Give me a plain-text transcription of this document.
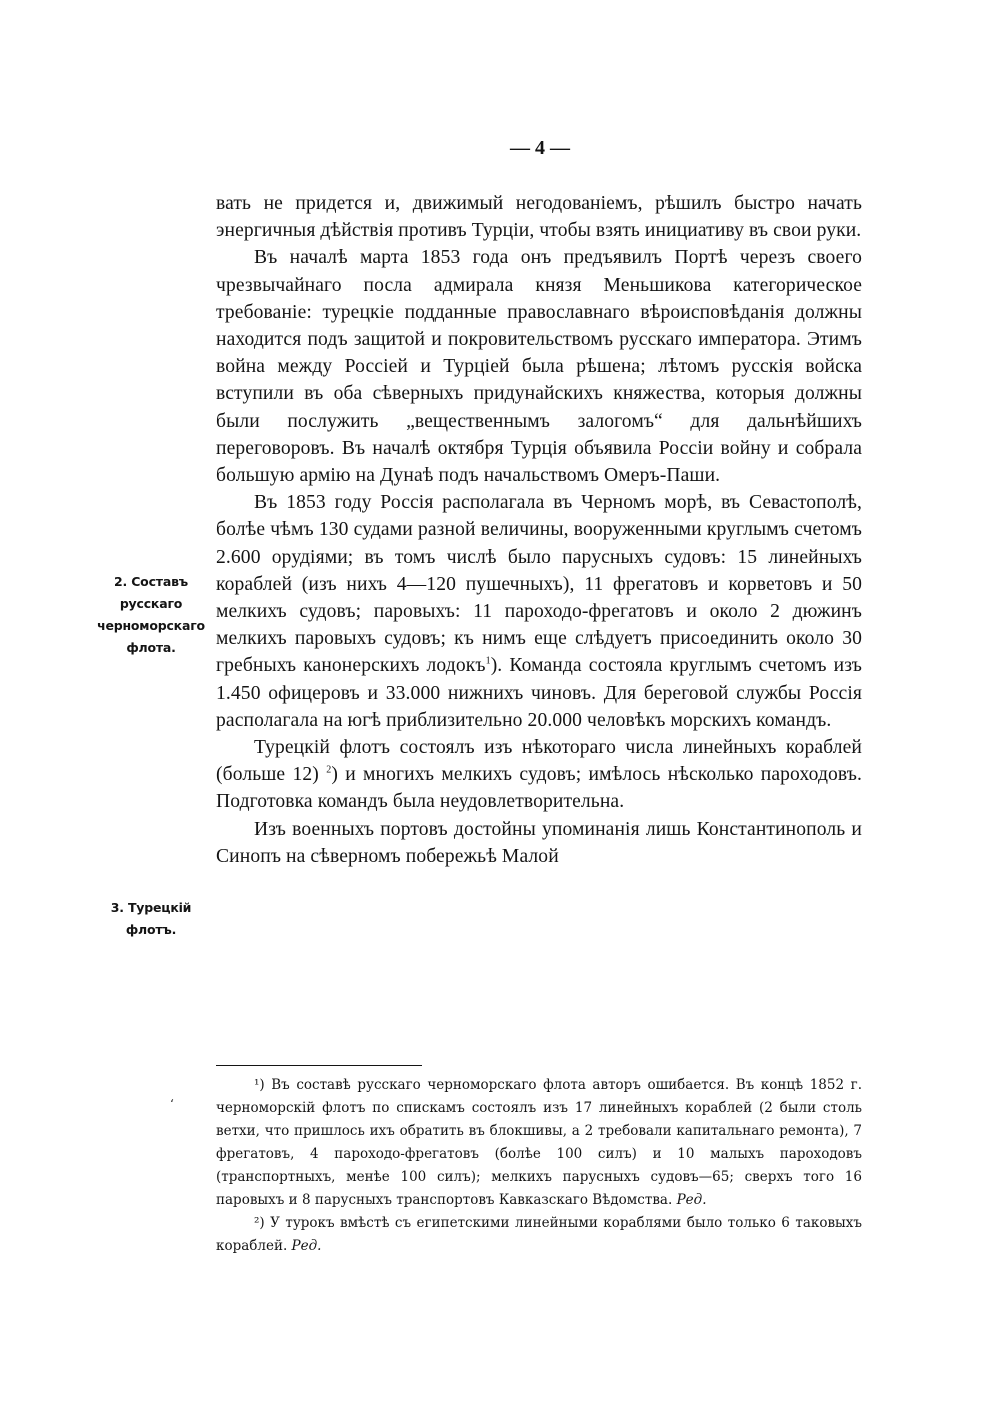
— 4 —

вать не придется и, движимый негодованіемъ, рѣшилъ быстро начать энергичныя дѣйствія противъ Турціи, чтобы взять инициативу въ свои руки.

Въ началѣ марта 1853 года онъ предъявилъ Портѣ черезъ своего чрезвычайнаго посла адмирала князя Меньшикова категорическое требованіе: турецкіе подданные православнаго вѣроисповѣданія должны находится подъ защитой и покровительствомъ русскаго императора. Этимъ война между Россіей и Турціей была рѣшена; лѣтомъ русскія войска вступили въ оба сѣверныхъ придунайскихъ княжества, которыя должны были послужить „вещественнымъ залогомъ“ для дальнѣйшихъ переговоровъ. Въ началѣ октября Турція объявила Россіи войну и собрала большую армію на Дунаѣ подъ начальствомъ Омеръ-Паши.

Въ 1853 году Россія располагала въ Черномъ морѣ, въ Севастополѣ, болѣе чѣмъ 130 судами разной величины, вооруженными круглымъ счетомъ 2.600 орудіями; въ томъ числѣ было парусныхъ судовъ: 15 линейныхъ кораблей (изъ нихъ 4—120 пушечныхъ), 11 фрегатовъ и корветовъ и 50 мелкихъ судовъ; паровыхъ: 11 пароходо-фрегатовъ и около 2 дюжинъ мелкихъ паровыхъ судовъ; къ нимъ еще слѣдуетъ присоединить около 30 гребныхъ канонерскихъ лодокъ$^1$). Команда состояла круглымъ счетомъ изъ 1.450 офицеровъ и 33.000 нижнихъ чиновъ. Для береговой службы Россія располагала на югѣ приблизительно 20.000 человѣкъ морскихъ командъ.

Турецкій флотъ состоялъ изъ нѣкотораго числа линейныхъ кораблей (больше 12) $^2$) и многихъ мелкихъ судовъ; имѣлось нѣсколько пароходовъ. Подготовка командъ была неудовлетворительна.

Изъ военныхъ портовъ достойны упоминанія лишь Константинополь и Синопъ на сѣверномъ побережьѣ Малой

2. Составъ русскаго черноморскаго флота.
3. Турецкій флотъ.
‘

¹) Въ составѣ русскаго черноморскаго флота авторъ ошибается. Въ концѣ 1852 г. черноморскій флотъ по спискамъ состоялъ изъ 17 линейныхъ кораблей (2 были столь ветхи, что пришлось ихъ обратить въ блокшивы, а 2 требовали капитальнаго ремонта), 7 фрегатовъ, 4 пароходо-фрегатовъ (болѣе 100 силъ) и 10 малыхъ пароходовъ (транспортныхъ, менѣе 100 силъ); мелкихъ парусныхъ судовъ—65; сверхъ того 16 паровыхъ и 8 парусныхъ транспортовъ Кавказскаго Вѣдомства. Ред.

²) У турокъ вмѣстѣ съ египетскими линейными кораблями было только 6 таковыхъ кораблей. Ред.
